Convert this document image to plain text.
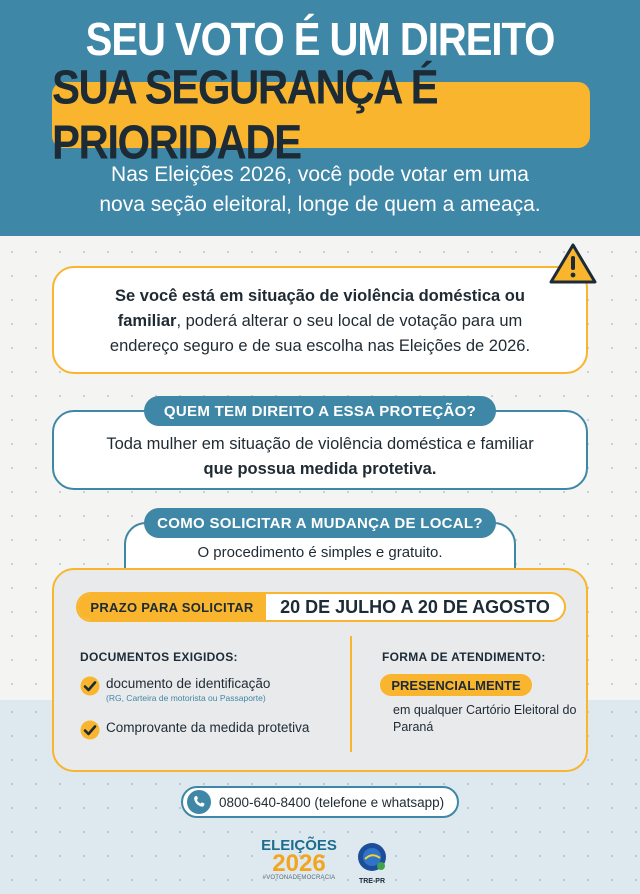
SEU VOTO É UM DIREITO
SUA SEGURANÇA É PRIORIDADE
Nas Eleições 2026, você pode votar em uma
nova seção eleitoral, longe de quem a ameaça.
Se você está em situação de violência doméstica ou familiar, poderá alterar o seu local de votação para um endereço seguro e de sua escolha nas Eleições de 2026.
Toda mulher em situação de violência doméstica e familiar
que possua medida protetiva.
QUEM TEM DIREITO A ESSA PROTEÇÃO?
O procedimento é simples e gratuito.
COMO SOLICITAR A MUDANÇA DE LOCAL?
PRAZO PARA SOLICITAR	20 DE JULHO A 20 DE AGOSTO
DOCUMENTOS EXIGIDOS:
documento de identificação
(RG, Carteira de motorista ou Passaporte)
Comprovante da medida protetiva
FORMA DE ATENDIMENTO:
PRESENCIALMENTE
em qualquer Cartório Eleitoral do Paraná
0800-640-8400 (telefone e whatsapp)
ELEIÇÕES
2026
#VOTONADEMOCRACIA	TRE-PR
